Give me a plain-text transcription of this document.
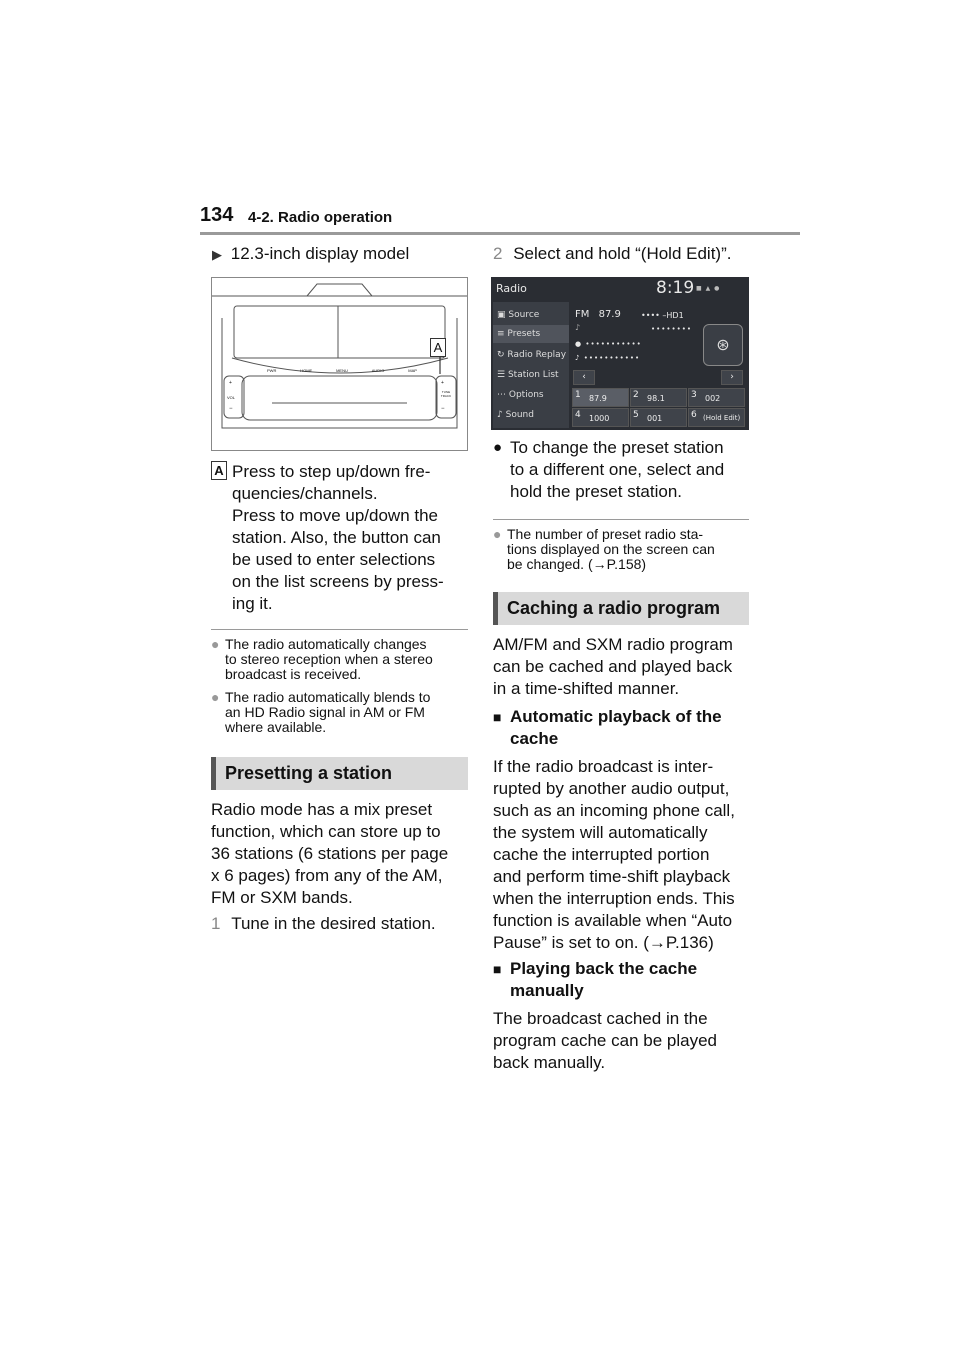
134 4-2. Radio operation
▶ 12.3-inch display model
A
PWR	HOME	MENU	AUDIO	MAP
+
VOL
−
+
TUNE TRACK
−
A Press to step up/down fre-
quencies/channels.
Press to move up/down the
station. Also, the button can
be used to enter selections
on the list screens by press-
ing it.
● The radio automatically changes
to stereo reception when a stereo
broadcast is received.
● The radio automatically blends to
an HD Radio signal in AM or FM
where available.
Presetting a station
Radio mode has a mix preset
function, which can store up to
36 stations (6 stations per page
x 6 pages) from any of the AM,
FM or SXM bands.
1 Tune in the desired station.
2 Select and hold “(Hold Edit)”.
Radio	8:19 ■ ▲ ●
▣ Source
≡ Presets
↻ Radio Replay
☰ Station List
⋯ Options
♪ Sound
FM 87.9	•••• –HD1
♪	••••••••
● •••••••••••
♪ •••••••••••
⊛
‹	›
1 87.9	2 98.1	3 002
4 1000	5 001	6 (Hold Edit)
● To change the preset station
to a different one, select and
hold the preset station.
● The number of preset radio sta-
tions displayed on the screen can
be changed. (→P.158)
Caching a radio program
AM/FM and SXM radio program
can be cached and played back
in a time-shifted manner.
■ Automatic playback of the
cache
If the radio broadcast is inter-
rupted by another audio output,
such as an incoming phone call,
the system will automatically
cache the interrupted portion
and perform time-shift playback
when the interruption ends. This
function is available when “Auto
Pause” is set to on. (→P.136)
■ Playing back the cache
manually
The broadcast cached in the
program cache can be played
back manually.
